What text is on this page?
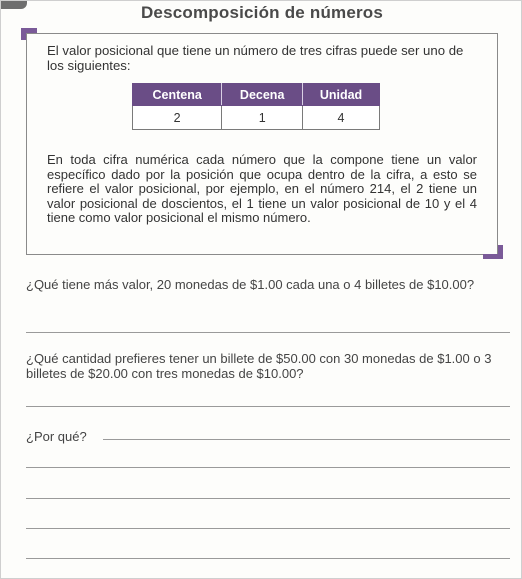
Descomposición de números

El valor posicional que tiene un número de tres cifras puede ser uno de los siguientes:

Centena	Decena	Unidad
2	1	4

En toda cifra numérica cada número que la compone tiene un valor específico dado por la posición que ocupa dentro de la cifra, a esto se refiere el valor posicional, por ejemplo, en el número 214, el 2 tiene un valor posicional de doscientos, el 1 tiene un valor posicional de 10 y el 4 tiene como valor posicional el mismo número.

¿Qué tiene más valor, 20 monedas de $1.00 cada una o 4 billetes de $10.00?

¿Qué cantidad prefieres tener un billete de $50.00 con 30 monedas de $1.00 o 3 billetes de $20.00 con tres monedas de $10.00?

¿Por qué?
